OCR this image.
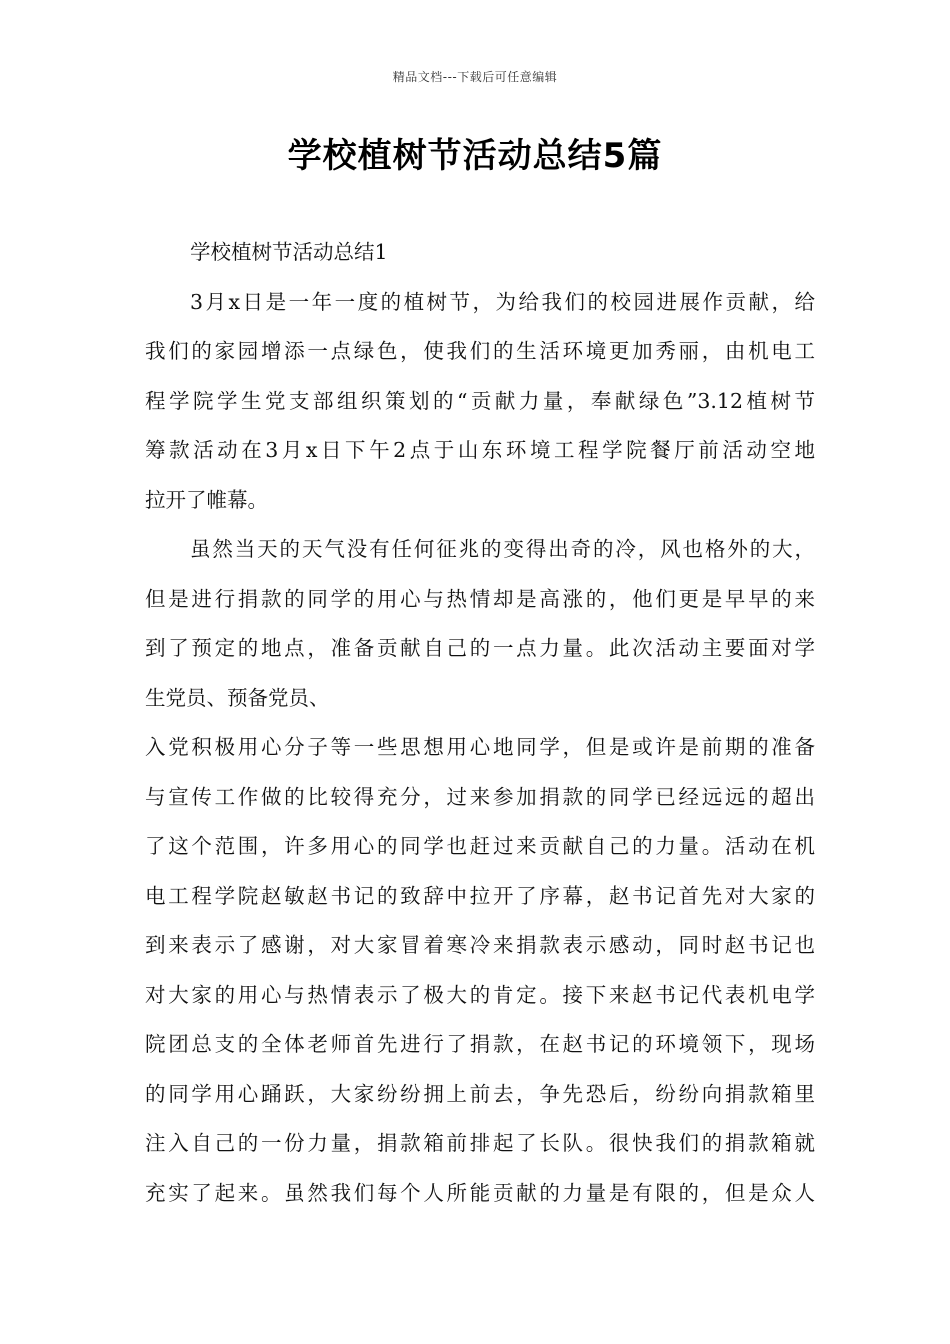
精品文档---下载后可任意编辑
学校植树节活动总结5篇
学校植树节活动总结1
3月x日是一年一度的植树节，为给我们的校园进展作贡献，给
我们的家园增添一点绿色，使我们的生活环境更加秀丽，由机电工
程学院学生党支部组织策划的“贡献力量，奉献绿色”3.12植树节
筹款活动在3月x日下午2点于山东环境工程学院餐厅前活动空地
拉开了帷幕。
虽然当天的天气没有任何征兆的变得出奇的冷，风也格外的大，
但是进行捐款的同学的用心与热情却是高涨的，他们更是早早的来
到了预定的地点，准备贡献自己的一点力量。此次活动主要面对学
生党员、预备党员、
入党积极用心分子等一些思想用心地同学，但是或许是前期的准备
与宣传工作做的比较得充分，过来参加捐款的同学已经远远的超出
了这个范围，许多用心的同学也赶过来贡献自己的力量。活动在机
电工程学院赵敏赵书记的致辞中拉开了序幕，赵书记首先对大家的
到来表示了感谢，对大家冒着寒冷来捐款表示感动，同时赵书记也
对大家的用心与热情表示了极大的肯定。接下来赵书记代表机电学
院团总支的全体老师首先进行了捐款，在赵书记的环境领下，现场
的同学用心踊跃，大家纷纷拥上前去，争先恐后，纷纷向捐款箱里
注入自己的一份力量，捐款箱前排起了长队。很快我们的捐款箱就
充实了起来。虽然我们每个人所能贡献的力量是有限的，但是众人
